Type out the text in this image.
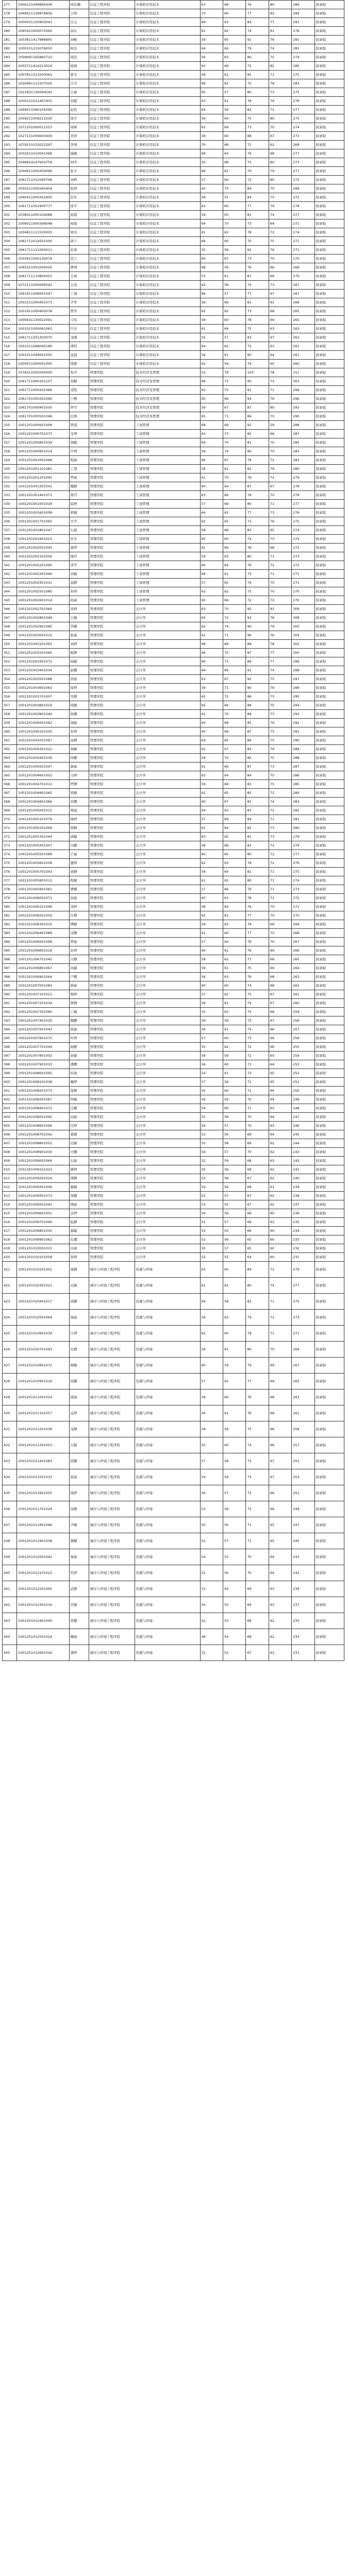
277	1000121049890436	徐佳楠	信息工程学院	计算机应用技术	63	68	76	80	286	拟录取
278	1069011134876856	王明	信息工程学院	计算机应用技术	70	60	77	82	289	拟录取
279	1000031150903043	吕志	信息工程学院	计算机应用技术	69	63	84	77	293	拟录取
280	1095411600074360	高东	信息工程学院	计算机应用技术	61	62	74	81	278	拟录取
281	1003611417986845	刘畅	信息工程学院	计算机应用技术	59	65	91	76	291	拟录取
282	1000101215076050	柯宏	信息工程学院	计算机应用技术	64	64	79	74	281	拟录取
283	1009091165860722	周佳	信息工程学院	计算机应用技术	56	63	80	75	274	拟录取
284	1003711414213024	杨娟	信息工程学院	计算机应用技术	63	68	72	82	285	拟录取
285	1007811311503061	郭文	信息工程学院	计算机应用技术	58	61	85	71	275	拟录取
286	1026991111507020	吕宇	信息工程学院	计算机应用技术	68	62	75	78	283	拟录取
287	1021831130094540	王丽	信息工程学院	计算机应用技术	65	57	80	73	275	拟录取
288	1000121011407401	刘霞	信息工程学院	计算机应用技术	63	61	78	76	278	拟录取
289	1069011090105090	赵佳	信息工程学院	计算机应用技术	64	59	82	72	277	拟录取
290	1059211009211030	周宇	信息工程学院	计算机应用技术	56	64	75	80	275	拟录取
291	1071201000011553	周辉	信息工程学院	计算机应用技术	62	69	73	70	274	拟录取
292	1027131009003456	李浩	信息工程学院	计算机应用技术	58	60	88	67	273	拟录取
293	1079151015022297	李国	信息工程学院	计算机应用技术	70	66	71	62	269	拟录取
294	1002011010041099	谢敏	信息工程学院	计算机应用技术	69	64	76	68	277	拟录取
295	1046914147654759	刘平	信息工程学院	计算机应用技术	50	68	75	80	273	拟录取
296	1000611000304096	张宇	信息工程学院	计算机应用技术	66	62	70	79	277	拟录取
297	1061711012090796	刘婷	信息工程学院	计算机应用技术	57	64	72	80	273	拟录取
298	1055511000260454	张婷	信息工程学院	计算机应用技术	65	70	84	70	289	拟录取
299	1060411000301850	彭军	信息工程学院	计算机应用技术	58	55	84	75	272	拟录取
300	1061711051900777	徐平	信息工程学院	计算机应用技术	62	60	77	79	278	拟录取
301	1038411000104088	孙超	信息工程学院	计算机应用技术	59	63	81	74	277	拟录取
302	1009011000306048	杨磊	信息工程学院	计算机应用技术	64	70	73	64	271	拟录取
303	1004611111530003	梁亮	信息工程学院	计算机应用技术	61	63	78	72	274	拟录取
304	1061711014501000	唐宁	信息工程学院	计算机应用技术	66	60	70	75	271	拟录取
305	1061711121560011	彭涛	信息工程学院	计算机应用技术	55	58	82	76	271	拟录取
306	1055911000130074	范宁	信息工程学院	计算机应用技术	60	67	73	70	270	拟录取
307	1065311001040020	曹帅	信息工程学院	计算机应用技术	68	59	76	66	269	拟录取
308	1061711110800001	王娟	信息工程学院	计算机应用技术	53	61	87	69	270	拟录取
309	1072111000069542	王成	信息工程学院	计算机应用技术	62	58	74	73	267	拟录取
310	1061911006001047	丁海	信息工程学院	计算机应用技术	66	57	77	67	267	拟录取
311	1001511000401073	尹华	信息工程学院	计算机应用技术	58	66	81	61	266	拟录取
312	1001911000400078	曾华	信息工程学院	计算机应用技术	62	62	73	68	265	拟录取
313	1000631130022091	马军	信息工程学院	计算机应用技术	58	60	78	69	265	拟录取
314	1001011000061063	许东	信息工程学院	计算机应用技术	61	64	75	63	263	拟录取
315	1061711301303070	龙刚	信息工程学院	计算机应用技术	55	57	83	67	262	拟录取
316	1001511068040180	谭伟	信息工程学院	计算机应用技术	64	62	72	63	261	拟录取
317	1001011049001050	孟强	信息工程学院	计算机应用技术	56	61	80	64	261	拟录取
318	1000011000001000	钱斌	信息工程学院	计算机应用技术	62	59	74	65	260	拟录取
319	1076311055000000	朱丹	管理学院	技术经济及管理	52	78	103	78	311	拟录取
320	1061711060101107	刘颖	管理学院	技术经济及管理	68	72	90	73	303	拟录取
321	1061711000201084	邓凯	管理学院	技术经济及管理	62	75	91	71	299	拟录取
322	1061701000301090	宁静	管理学院	技术经济及管理	60	66	94	76	296	拟录取
323	1061701000401030	钟雪	管理学院	技术经济及管理	59	67	87	80	293	拟录取
324	1061701000501046	田勇	管理学院	技术经济及管理	65	71	84	70	290	拟录取
325	1001201000601009	曾强	管理学院	工商管理	68	69	92	59	288	拟录取
326	1001201000701073	龙琴	管理学院	工商管理	63	73	85	66	287	拟录取
327	1001201000801034	胡敏	管理学院	工商管理	64	70	81	70	285	拟录取
328	1001201000901014	许婷	管理学院	工商管理	59	74	80	70	283	拟录取
329	1001201001001096	程丽	管理学院	工商管理	66	67	78	72	283	拟录取
330	1001201001101081	丁慧	管理学院	工商管理	58	61	82	79	280	拟录取
331	1001201001201045	罗丽	管理学院	工商管理	61	70	76	72	279	拟录取
332	1001201001301041	魏静	管理学院	工商管理	60	64	87	67	278	拟录取
333	1001201001401071	郑丹	管理学院	工商管理	63	66	79	70	278	拟录取
334	1001201001501028	陆婷	管理学院	工商管理	57	69	80	71	277	拟录取
335	1001201001601008	蒋敏	管理学院	工商管理	64	62	77	73	276	拟录取
336	1001201001701065	方雪	管理学院	工商管理	62	65	72	76	275	拟录取
337	1001201001801047	石磊	管理学院	工商管理	58	68	83	65	274	拟录取
338	1001201001901023	宋芳	管理学院	工商管理	65	60	74	75	274	拟录取
339	1001201002001093	姜婷	管理学院	工商管理	61	66	78	68	273	拟录取
340	1001201002101056	谢玲	管理学院	工商管理	59	63	80	71	273	拟录取
341	1001201002201060	邓雪	管理学院	工商管理	60	64	76	72	272	拟录取
342	1001201002301066	黄敏	管理学院	工商管理	66	61	73	71	271	拟录取
343	1001201002401031	高静	管理学院	工商管理	57	65	79	70	271	拟录取
344	1001201002501080	朱婷	管理学院	工商管理	63	62	75	70	270	拟录取
345	1001201002601014	孙丽	管理学院	工商管理	60	66	72	72	270	拟录取
346	1001201002701060	黄婷	管理学院	会计学	63	70	95	81	309	拟录取
347	1001201002801049	王敏	管理学院	会计学	65	72	93	78	308	拟录取
348	1001201002901085	李娜	管理学院	会计学	62	74	90	79	305	拟录取
349	1001201003001015	张丽	管理学院	会计学	61	71	96	76	304	拟录取
350	1001201003101091	刘婷	管理学院	会计学	68	68	88	78	302	拟录取
351	1001201003201065	陈静	管理学院	会计学	66	70	87	77	300	拟录取
352	1001201003301072	杨敏	管理学院	会计学	60	73	89	77	299	拟录取
353	1001201003401034	赵娜	管理学院	会计学	64	69	91	74	298	拟录取
354	1001201003501088	黄丽	管理学院	会计学	63	67	92	75	297	拟录取
355	1001201003601063	周婷	管理学院	会计学	59	71	90	76	296	拟录取
356	1001201003701007	吴静	管理学院	会计学	62	72	86	75	295	拟录取
357	1001201003801019	徐敏	管理学院	会计学	65	66	88	75	294	拟录取
358	1001201003901040	孙娜	管理学院	会计学	61	70	89	73	293	拟录取
359	1001201004001062	胡丽	管理学院	会计学	63	68	85	76	292	拟录取
360	1001201004101055	朱婷	管理学院	会计学	60	69	87	75	291	拟录取
361	1001201004201097	高静	管理学院	会计学	64	65	86	75	290	拟录取
362	1001201004301021	林敏	管理学院	会计学	62	67	84	76	289	拟录取
363	1001201004401036	何娜	管理学院	会计学	58	70	85	75	288	拟录取
364	1001201004501047	郭丽	管理学院	会计学	61	66	87	73	287	拟录取
365	1001201004601001	马婷	管理学院	会计学	63	64	84	75	286	拟录取
366	1001201004701011	罗静	管理学院	会计学	59	68	83	75	285	拟录取
367	1001201004801065	梁敏	管理学院	会计学	62	65	85	72	284	拟录取
368	1001201004901084	宋娜	管理学院	会计学	60	67	82	74	283	拟录取
369	1001201005001012	郑丽	管理学院	会计学	64	63	83	72	282	拟录取
370	1001201005101079	谢婷	管理学院	会计学	57	69	84	71	281	拟录取
371	1001201005201099	韩静	管理学院	会计学	61	64	82	73	280	拟录取
372	1001201005301044	唐敏	管理学院	会计学	63	62	81	73	279	拟录取
373	1001201005401007	冯娜	管理学院	会计学	58	66	82	72	278	拟录取
374	1001201005501089	于丽	管理学院	会计学	60	65	80	72	277	拟录取
375	1001201005601058	董婷	管理学院	会计学	62	63	79	72	276	拟录取
376	1001201005701043	萧静	管理学院	会计学	59	64	81	71	275	拟录取
377	1001201005801012	程敏	管理学院	会计学	61	62	80	71	274	拟录取
378	1001201005901061	曹娜	管理学院	会计学	57	66	79	71	273	拟录取
379	1001201006001071	袁丽	管理学院	会计学	60	63	78	71	272	拟录取
380	1001201006101096	邓婷	管理学院	会计学	58	64	79	70	271	拟录取
381	1001201006201059	许静	管理学院	会计学	62	61	77	70	270	拟录取
382	1001201006301015	傅敏	管理学院	会计学	59	63	78	69	269	拟录取
383	1001201006401089	沈娜	管理学院	会计学	61	60	77	70	268	拟录取
384	1001201006501099	曾丽	管理学院	会计学	57	64	76	70	267	拟录取
385	1001201006601019	彭婷	管理学院	会计学	60	61	76	69	266	拟录取
386	1001201006701045	吕静	管理学院	会计学	58	62	77	68	265	拟录取
387	1001201006801067	苏敏	管理学院	会计学	59	61	75	69	264	拟录取
388	1001201006901064	卢娜	管理学院	会计学	56	63	76	68	263	拟录取
389	1001201007001083	蒋丽	管理学院	会计学	60	60	74	68	262	拟录取
390	1001201007101021	蔡婷	管理学院	会计学	57	62	75	67	261	拟录取
391	1001201007201034	贾静	管理学院	会计学	58	61	74	67	260	拟录取
392	1001201007301060	丁敏	管理学院	会计学	55	63	75	66	259	拟录取
393	1001201007401020	魏娜	管理学院	会计学	59	59	73	67	258	拟录取
394	1001201007501043	薛丽	管理学院	会计学	56	61	74	66	257	拟录取
395	1001201007601075	叶婷	管理学院	会计学	57	60	73	66	256	拟录取
396	1001201007701044	阎静	管理学院	会计学	55	62	72	66	255	拟录取
397	1001201007801002	余敏	管理学院	会计学	58	59	72	65	254	拟录取
398	1001201007901033	潘娜	管理学院	会计学	56	60	73	64	253	拟录取
399	1001201008001095	杜丽	管理学院	会计学	54	61	72	65	252	拟录取
400	1001201008101038	戴婷	管理学院	会计学	57	58	71	65	251	拟录取
401	1001201008201073	夏静	管理学院	会计学	55	60	71	64	250	拟录取
402	1001201008301087	钟敏	管理学院	会计学	56	59	70	64	249	拟录取
403	1001201008401072	汪娜	管理学院	会计学	54	60	71	63	248	拟录取
404	1001201008501095	田丽	管理学院	会计学	55	58	70	64	247	拟录取
405	1001201008601099	任婷	管理学院	会计学	56	57	70	63	246	拟录取
406	1001201008701042	姜静	管理学院	会计学	53	59	69	64	245	拟录取
407	1001201008801052	范敏	管理学院	会计学	55	58	69	62	244	拟录取
408	1001201008901030	方娜	管理学院	会计学	54	57	70	62	243	拟录取
409	1001201009001069	石丽	管理学院	会计学	52	59	68	63	242	拟录取
410	1001201009101023	姚婷	管理学院	会计学	55	56	68	62	241	拟录取
411	1001201009201024	谭静	管理学院	会计学	53	58	67	62	240	拟录取
412	1001201009301006	廖敏	管理学院	会计学	54	56	68	61	239	拟录取
413	1001201009401073	邹娜	管理学院	会计学	52	57	67	62	238	拟录取
414	1001201009501042	熊丽	管理学院	会计学	53	55	67	62	237	拟录取
415	1001201009601001	金婷	管理学院	会计学	54	56	66	60	236	拟录取
416	1001201009701090	陆静	管理学院	会计学	51	57	66	61	235	拟录取
417	1001201009801035	郝敏	管理学院	会计学	53	55	66	60	234	拟录取
418	1001201009901062	孔娜	管理学院	会计学	52	56	65	60	233	拟录取
419	1001201010001015	白丽	管理学院	会计学	50	57	65	60	232	拟录取
420	1001201010101058	崔婷	管理学院	会计学	52	55	64	60	231	拟录取
421	1001201010201001	康静	城市与环境工程学院	资源与环境	63	60	84	72	279	拟录取
422	1001201010301021	毛敏	城市与环境工程学院	资源与环境	61	62	80	74	277	拟录取
423	1001201010401017	邱娜	城市与环境工程学院	资源与环境	64	58	82	71	275	拟录取
424	1001201010501064	秦丽	城市与环境工程学院	资源与环境	59	63	79	72	273	拟录取
425	1001201010601034	江婷	城市与环境工程学院	资源与环境	62	60	78	71	271	拟录取
426	1001201010701093	史静	城市与环境工程学院	资源与环境	58	61	80	70	269	拟录取
427	1001201010801072	顾敏	城市与环境工程学院	资源与环境	60	59	79	69	267	拟录取
428	1001201010901016	侯娜	城市与环境工程学院	资源与环境	57	62	77	69	265	拟录取
429	1001201011001024	邵丽	城市与环境工程学院	资源与环境	59	60	76	68	263	拟录取
430	1001201011101057	孟婷	城市与环境工程学院	资源与环境	56	61	76	68	261	拟录取
431	1001201011201036	龙静	城市与环境工程学院	资源与环境	58	58	75	68	259	拟录取
432	1001201011301053	万敏	城市与环境工程学院	资源与环境	55	60	74	68	257	拟录取
433	1001201011401083	段娜	城市与环境工程学院	资源与环境	57	58	73	67	255	拟录取
434	1001201011501033	雷丽	城市与环境工程学院	资源与环境	54	59	73	67	253	拟录取
435	1001201011601055	钱婷	城市与环境工程学院	资源与环境	56	57	72	66	251	拟录取
436	1001201011701029	汤静	城市与环境工程学院	资源与环境	53	58	72	66	249	拟录取
437	1001201011801066	尹敏	城市与环境工程学院	资源与环境	55	56	71	65	247	拟录取
438	1001201011901038	黎娜	城市与环境工程学院	资源与环境	52	57	71	65	245	拟录取
439	1001201012001042	易丽	城市与环境工程学院	资源与环境	54	55	70	64	243	拟录取
440	1001201012101023	常婷	城市与环境工程学院	资源与环境	51	56	70	64	241	拟录取
441	1001201012201065	武静	城市与环境工程学院	资源与环境	53	54	69	63	239	拟录取
442	1001201012301016	乔敏	城市与环境工程学院	资源与环境	50	55	69	63	237	拟录取
443	1001201012401040	贺娜	城市与环境工程学院	资源与环境	52	53	68	62	235	拟录取
444	1001201012501024	赖丽	城市与环境工程学院	资源与环境	49	54	68	62	233	拟录取
445	1001201012601026	龚婷	城市与环境工程学院	资源与环境	51	52	67	61	231	拟录取
